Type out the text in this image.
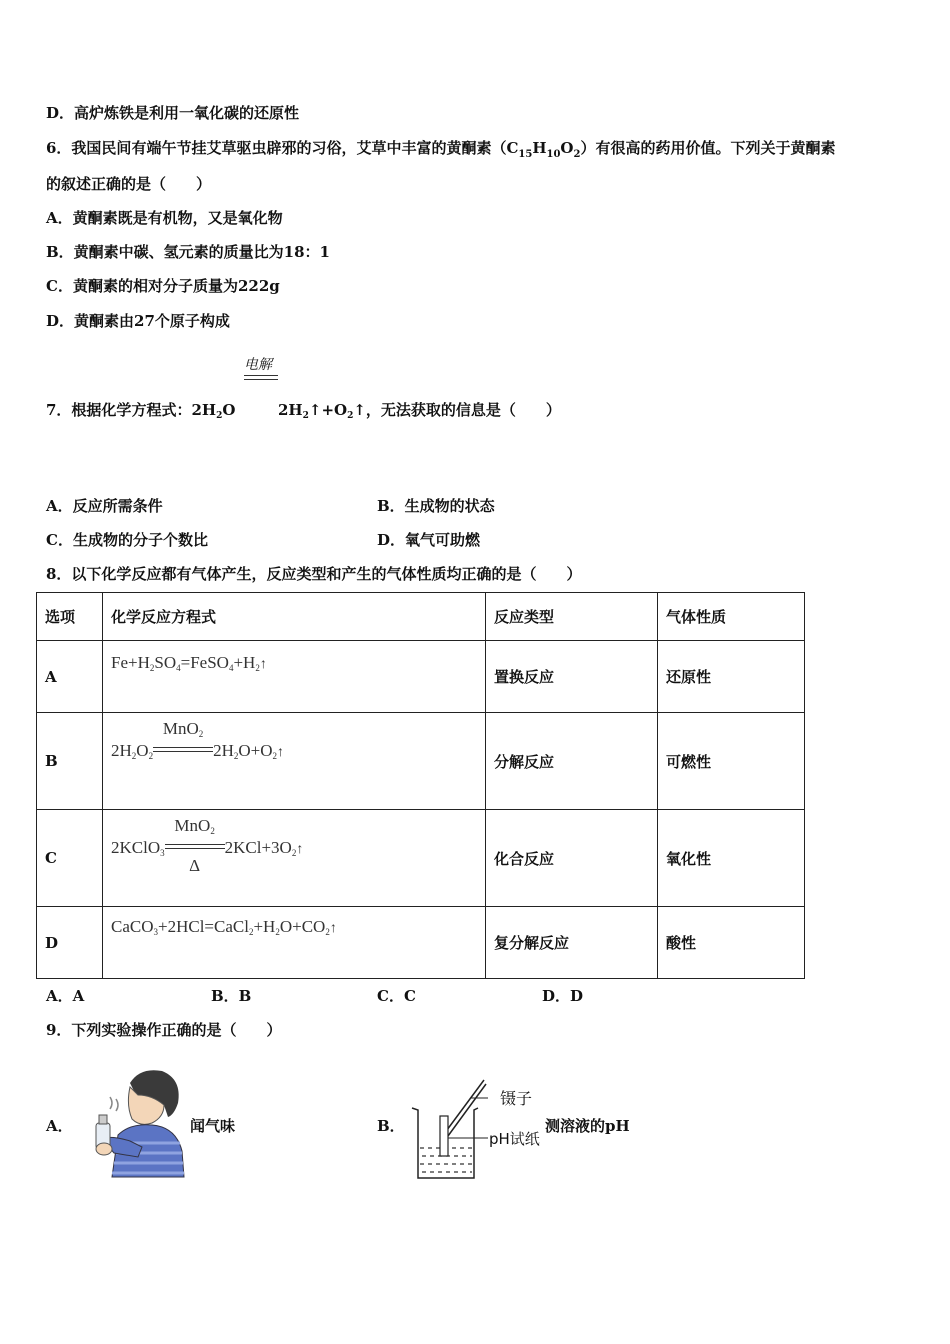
D．高炉炼铁是利用一氧化碳的还原性
6．我国民间有端午节挂艾草驱虫辟邪的习俗，艾草中丰富的黄酮素$(C_{15}H_{10}O_2)$有很高的药用价值。下列关于黄酮素
的叙述正确的是（　　）
A．黄酮素既是有机物，又是氧化物
B．黄酮素中碳、氢元素的质量比为18：1
C．黄酮素的相对分子质量为222g
D．黄酮素由27个原子构成
电解
7．根据化学方程式：$2H_2O$	$2H_2↑+O_2↑$，无法获取的信息是（　　）
A．反应所需条件	B．生成物的状态
C．生成物的分子个数比	D．氧气可助燃
8．以下化学反应都有气体产生，反应类型和产生的气体性质均正确的是（　　）
选项	化学反应方程式	反应类型	气体性质
A	$Fe+H_2SO_4=FeSO_4+H_2↑$	置换反应	还原性
B	$2H_2O_2$
MnO$_2$
$2H_2O+O_2↑$	分解反应	可燃性
C	2KClO$_3$
MnO$_2$
Δ
$2KCl+3O_2↑$	化合反应	氧化性
D	$CaCO_3+2HCl=CaCl_2+H_2O+CO_2↑$	复分解反应	酸性
A．A	B．B	C．C	D．D
9．下列实验操作正确的是（　　）
A．	闻气味	B．
镊子
pH试纸
测溶液的pH
